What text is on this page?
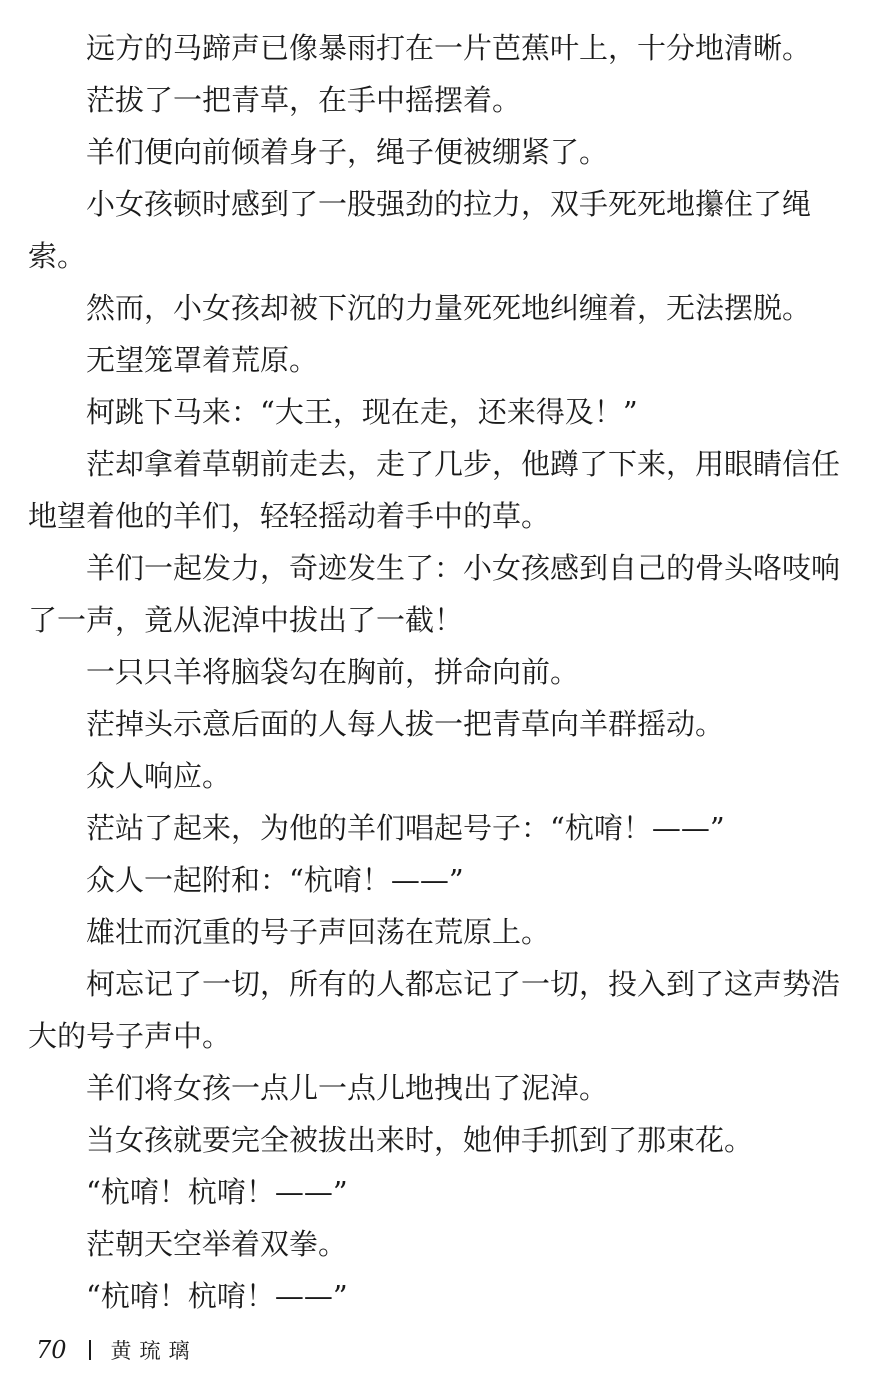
远方的马蹄声已像暴雨打在一片芭蕉叶上，十分地清晰。

茫拔了一把青草，在手中摇摆着。

羊们便向前倾着身子，绳子便被绷紧了。

小女孩顿时感到了一股强劲的拉力，双手死死地攥住了绳索。

然而，小女孩却被下沉的力量死死地纠缠着，无法摆脱。

无望笼罩着荒原。

柯跳下马来：“大王，现在走，还来得及！”

茫却拿着草朝前走去，走了几步，他蹲了下来，用眼睛信任地望着他的羊们，轻轻摇动着手中的草。

羊们一起发力，奇迹发生了：小女孩感到自己的骨头咯吱响了一声，竟从泥淖中拔出了一截！

一只只羊将脑袋勾在胸前，拼命向前。

茫掉头示意后面的人每人拔一把青草向羊群摇动。

众人响应。

茫站了起来，为他的羊们唱起号子：“杭唷！——”

众人一起附和：“杭唷！——”

雄壮而沉重的号子声回荡在荒原上。

柯忘记了一切，所有的人都忘记了一切，投入到了这声势浩大的号子声中。

羊们将女孩一点儿一点儿地拽出了泥淖。

当女孩就要完全被拔出来时，她伸手抓到了那束花。

“杭唷！杭唷！——”

茫朝天空举着双拳。

“杭唷！杭唷！——”

70 黄琉璃
